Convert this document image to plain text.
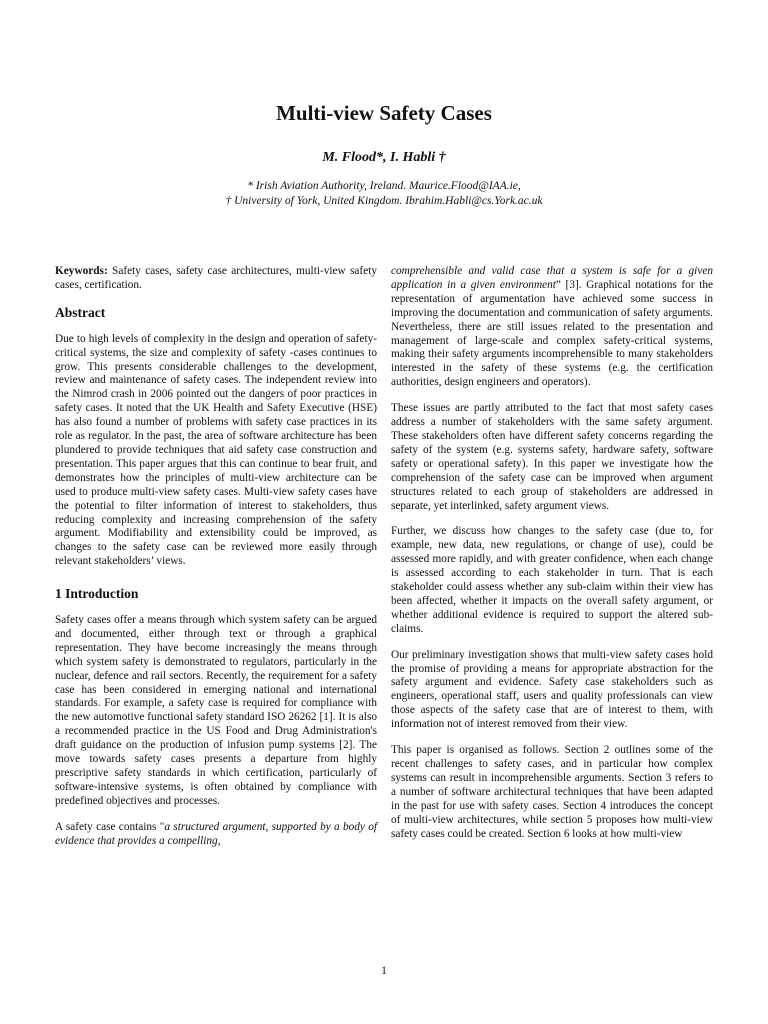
Multi-view Safety Cases
M. Flood*, I. Habli †
* Irish Aviation Authority, Ireland. Maurice.Flood@IAA.ie,
† University of York, United Kingdom. Ibrahim.Habli@cs.York.ac.uk

Keywords: Safety cases, safety case architectures, multi-view safety cases, certification.

Abstract

Due to high levels of complexity in the design and operation of safety-critical systems, the size and complexity of safety -cases continues to grow. This presents considerable challenges to the development, review and maintenance of safety cases. The independent review into the Nimrod crash in 2006 pointed out the dangers of poor practices in safety cases. It noted that the UK Health and Safety Executive (HSE) has also found a number of problems with safety case practices in its role as regulator. In the past, the area of software architecture has been plundered to provide techniques that aid safety case construction and presentation. This paper argues that this can continue to bear fruit, and demonstrates how the principles of multi-view architecture can be used to produce multi-view safety cases. Multi-view safety cases have the potential to filter information of interest to stakeholders, thus reducing complexity and increasing comprehension of the safety argument. Modifiability and extensibility could be improved, as changes to the safety case can be reviewed more easily through relevant stakeholders’ views.

1 Introduction

Safety cases offer a means through which system safety can be argued and documented, either through text or through a graphical representation. They have become increasingly the means through which system safety is demonstrated to regulators, particularly in the nuclear, defence and rail sectors. Recently, the requirement for a safety case has been considered in emerging national and international standards. For example, a safety case is required for compliance with the new automotive functional safety standard ISO 26262 [1]. It is also a recommended practice in the US Food and Drug Administration's draft guidance on the production of infusion pump systems [2]. The move towards safety cases presents a departure from highly prescriptive safety standards in which certification, particularly of software-intensive systems, is often obtained by compliance with predefined objectives and processes.

A safety case contains "a structured argument, supported by a body of evidence that provides a compelling,

comprehensible and valid case that a system is safe for a given application in a given environment” [3]. Graphical notations for the representation of argumentation have achieved some success in improving the documentation and communication of safety arguments. Nevertheless, there are still issues related to the presentation and management of large-scale and complex safety-critical systems, making their safety arguments incomprehensible to many stakeholders interested in the safety of these systems (e.g. the certification authorities, design engineers and operators).

These issues are partly attributed to the fact that most safety cases address a number of stakeholders with the same safety argument. These stakeholders often have different safety concerns regarding the safety of the system (e.g. systems safety, hardware safety, software safety or operational safety). In this paper we investigate how the comprehension of the safety case can be improved when argument structures related to each group of stakeholders are addressed in separate, yet interlinked, safety argument views.

Further, we discuss how changes to the safety case (due to, for example, new data, new regulations, or change of use), could be assessed more rapidly, and with greater confidence, when each change is assessed according to each stakeholder in turn. That is each stakeholder could assess whether any sub-claim within their view has been affected, whether it impacts on the overall safety argument, or whether additional evidence is required to support the altered sub-claims.

Our preliminary investigation shows that multi-view safety cases hold the promise of providing a means for appropriate abstraction for the safety argument and evidence. Safety case stakeholders such as engineers, operational staff, users and quality professionals can view those aspects of the safety case that are of interest to them, with information not of interest removed from their view.

This paper is organised as follows. Section 2 outlines some of the recent challenges to safety cases, and in particular how complex systems can result in incomprehensible arguments. Section 3 refers to a number of software architectural techniques that have been adapted in the past for use with safety cases. Section 4 introduces the concept of multi-view architectures, while section 5 proposes how multi-view safety cases could be created. Section 6 looks at how multi-view

1
